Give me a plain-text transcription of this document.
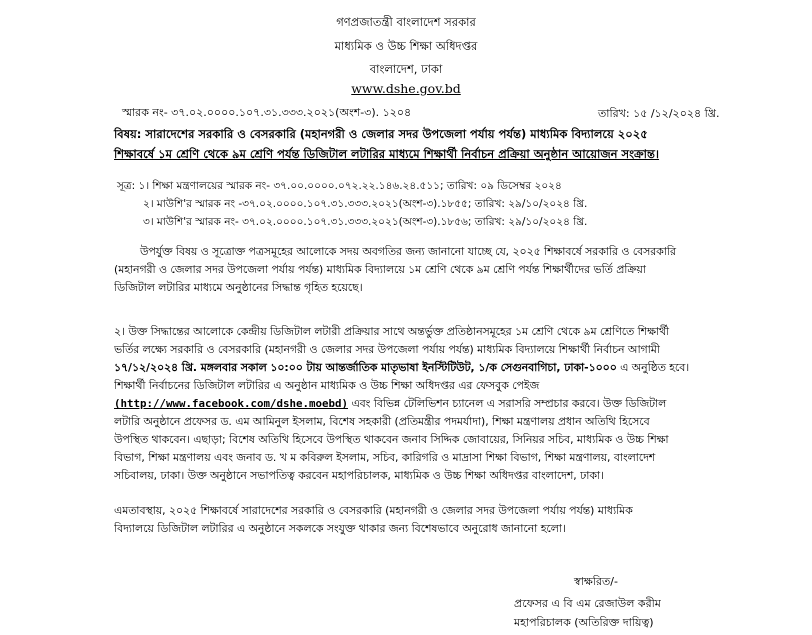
গণপ্রজাতন্ত্রী বাংলাদেশ সরকার
মাধ্যমিক ও উচ্চ শিক্ষা অধিদপ্তর
বাংলাদেশ, ঢাকা
www.dshe.gov.bd
স্মারক নং- ৩৭.০২.০০০০.১০৭.৩১.৩৩৩.২০২১(অংশ-৩). ১২০৪	তারিখ: ১৫ /১২/২০২৪ খ্রি.
বিষয়: সারাদেশের সরকারি ও বেসরকারি (মহানগরী ও জেলার সদর উপজেলা পর্যায় পর্যন্ত) মাধ্যমিক বিদ্যালয়ে ২০২৫
শিক্ষাবর্ষে ১ম শ্রেণি থেকে ৯ম শ্রেণি পর্যন্ত ডিজিটাল লটারির মাধ্যমে শিক্ষার্থী নির্বাচন প্রক্রিয়া অনুষ্ঠান আয়োজন সংক্রান্ত।
সূত্র: ১। শিক্ষা মন্ত্রণালয়ের স্মারক নং- ৩৭.০০.০০০০.০৭২.২২.১৪৬.২৪.৫১১; তারিখ: ০৯ ডিসেম্বর ২০২৪
২। মাউশি'র স্মারক নং -৩৭.০২.০০০০.১০৭.৩১.৩৩৩.২০২১(অংশ-৩).১৮৫৫; তারিখ: ২৯/১০/২০২৪ খ্রি.
৩। মাউশি'র স্মারক নং- ৩৭.০২.০০০০.১০৭.৩১.৩৩৩.২০২১(অংশ-৩).১৮৫৬; তারিখ: ২৯/১০/২০২৪ খ্রি.
উপর্যুক্ত বিষয় ও সূত্রোক্ত পত্রসমূহের আলোকে সদয় অবগতির জন্য জানানো যাচ্ছে যে, ২০২৫ শিক্ষাবর্ষে সরকারি ও বেসরকারি
(মহানগরী ও জেলার সদর উপজেলা পর্যায় পর্যন্ত) মাধ্যমিক বিদ্যালয়ে ১ম শ্রেণি থেকে ৯ম শ্রেণি পর্যন্ত শিক্ষার্থীদের ভর্তি প্রক্রিয়া
ডিজিটাল লটারির মাধ্যমে অনুষ্ঠানের সিদ্ধান্ত গৃহিত হয়েছে।
২। উক্ত সিদ্ধান্তের আলোকে কেন্দ্রীয় ডিজিটাল লটারী প্রক্রিয়ার সাথে অন্তর্ভুক্ত প্রতিষ্ঠানসমূহের ১ম শ্রেণি থেকে ৯ম শ্রেণিতে শিক্ষার্থী
ভর্তির লক্ষ্যে সরকারি ও বেসরকারি (মহানগরী ও জেলার সদর উপজেলা পর্যায় পর্যন্ত) মাধ্যমিক বিদ্যালয়ে শিক্ষার্থী নির্বাচন আগামী
১৭/১২/২০২৪ খ্রি. মঙ্গলবার সকাল ১০:০০ টায় আন্তর্জাতিক মাতৃভাষা ইনস্টিটিউট, ১/ক সেগুনবাগিচা, ঢাকা-১০০০ এ অনুষ্ঠিত হবে।
শিক্ষার্থী নির্বাচনের ডিজিটাল লটারির এ অনুষ্ঠান মাধ্যমিক ও উচ্চ শিক্ষা অধিদপ্তর এর ফেসবুক পেইজ
(http://www.facebook.com/dshe.moebd) এবং বিভিন্ন টেলিভিশন চ্যানেল এ সরাসরি সম্প্রচার করবে। উক্ত ডিজিটাল
লটারি অনুষ্ঠানে প্রফেসর ড. এম আমিনুল ইসলাম, বিশেষ সহকারী (প্রতিমন্ত্রীর পদমর্যাদা), শিক্ষা মন্ত্রণালয় প্রধান অতিথি হিসেবে
উপস্থিত থাকবেন। এছাড়া; বিশেষ অতিথি হিসেবে উপস্থিত থাকবেন জনাব সিদ্দিক জোবায়ের, সিনিয়র সচিব, মাধ্যমিক ও উচ্চ শিক্ষা
বিভাগ, শিক্ষা মন্ত্রণালয় এবং জনাব ড. খ ম কবিরুল ইসলাম, সচিব, কারিগরি ও মাদ্রাসা শিক্ষা বিভাগ, শিক্ষা মন্ত্রণালয়, বাংলাদেশ
সচিবালয়, ঢাকা। উক্ত অনুষ্ঠানে সভাপতিত্ব করবেন মহাপরিচালক, মাধ্যমিক ও উচ্চ শিক্ষা অধিদপ্তর বাংলাদেশ, ঢাকা।
এমতাবস্থায়, ২০২৫ শিক্ষাবর্ষে সারাদেশের সরকারি ও বেসরকারি (মহানগরী ও জেলার সদর উপজেলা পর্যায় পর্যন্ত) মাধ্যমিক
বিদ্যালয়ে ডিজিটাল লটারির এ অনুষ্ঠানে সকলকে সংযুক্ত থাকার জন্য বিশেষভাবে অনুরোধ জানানো হলো।
স্বাক্ষরিত/-
প্রফেসর এ বি এম রেজাউল করীম
মহাপরিচালক (অতিরিক্ত দায়িত্ব)
